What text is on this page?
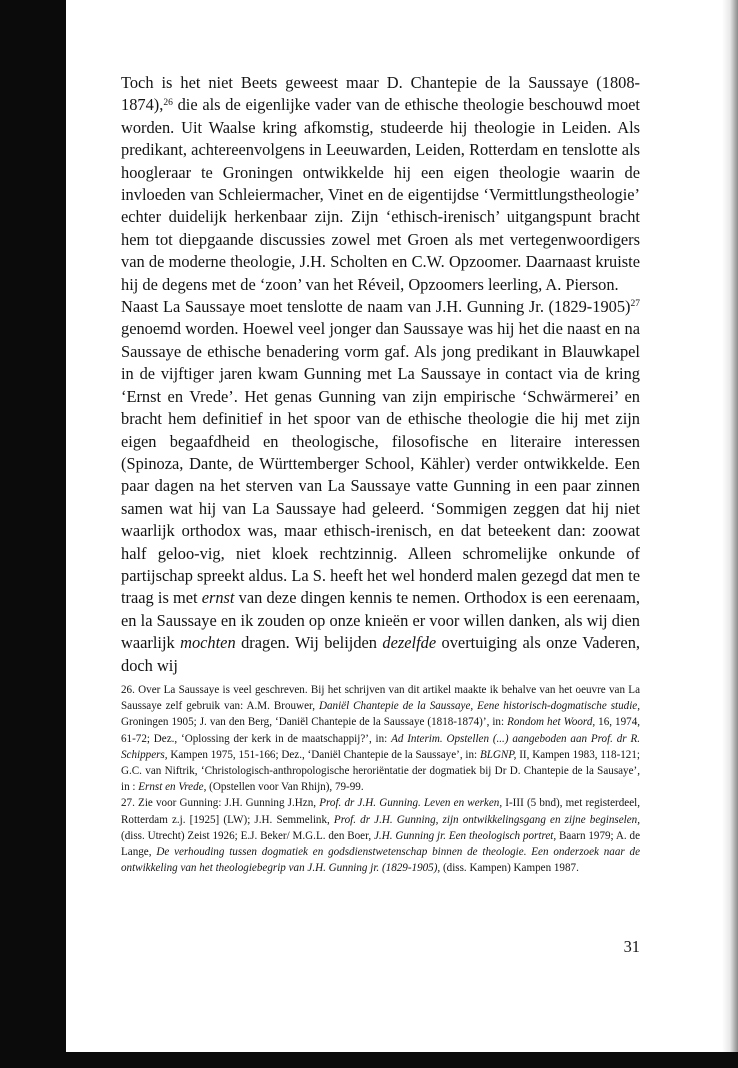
Toch is het niet Beets geweest maar D. Chantepie de la Saussaye (1808-1874),$^{26}$ die als de eigenlijke vader van de ethische theologie beschouwd moet worden. Uit Waalse kring afkomstig, studeerde hij theologie in Leiden. Als predikant, achtereenvolgens in Leeuwarden, Leiden, Rotterdam en tenslotte als hoogleraar te Groningen ontwikkelde hij een eigen theologie waarin de invloeden van Schleiermacher, Vinet en de eigentijdse ‘Vermittlungstheologie’ echter duidelijk herkenbaar zijn. Zijn ‘ethisch-irenisch’ uitgangspunt bracht hem tot diepgaande discussies zowel met Groen als met vertegenwoordigers van de moderne theologie, J.H. Scholten en C.W. Opzoomer. Daarnaast kruiste hij de degens met de ‘zoon’ van het Réveil, Opzoomers leerling, A. Pierson.

Naast La Saussaye moet tenslotte de naam van J.H. Gunning Jr. (1829-1905)$^{27}$ genoemd worden. Hoewel veel jonger dan Saussaye was hij het die naast en na Saussaye de ethische benadering vorm gaf. Als jong predikant in Blauwkapel in de vijftiger jaren kwam Gunning met La Saussaye in contact via de kring ‘Ernst en Vrede’. Het genas Gunning van zijn empirische ‘Schwärmerei’ en bracht hem definitief in het spoor van de ethische theologie die hij met zijn eigen begaafdheid en theologische, filosofische en literaire interessen (Spinoza, Dante, de Württemberger School, Kähler) verder ontwikkelde. Een paar dagen na het sterven van La Saussaye vatte Gunning in een paar zinnen samen wat hij van La Saussaye had geleerd. ‘Sommigen zeggen dat hij niet waarlijk orthodox was, maar ethisch-irenisch, en dat beteekent dan: zoowat half geloo-vig, niet kloek rechtzinnig. Alleen schromelijke onkunde of partijschap spreekt aldus. La S. heeft het wel honderd malen gezegd dat men te traag is met ernst van deze dingen kennis te nemen. Orthodox is een eerenaam, en la Saussaye en ik zouden op onze knieën er voor willen danken, als wij dien waarlijk mochten dragen. Wij belijden dezelfde overtuiging als onze Vaderen, doch wij

26. Over La Saussaye is veel geschreven. Bij het schrijven van dit artikel maakte ik behalve van het oeuvre van La Saussaye zelf gebruik van: A.M. Brouwer, Daniël Chantepie de la Saussaye, Eene historisch-dogmatische studie, Groningen 1905; J. van den Berg, ‘Daniël Chantepie de la Saussaye (1818-1874)’, in: Rondom het Woord, 16, 1974, 61-72; Dez., ‘Oplossing der kerk in de maatschappij?’, in: Ad Interim. Opstellen (...) aangeboden aan Prof. dr R. Schippers, Kampen 1975, 151-166; Dez., ‘Daniël Chantepie de la Saussaye’, in: BLGNP, II, Kampen 1983, 118-121; G.C. van Niftrik, ‘Christologisch-anthropologische heroriëntatie der dogmatiek bij Dr D. Chantepie de la Sausaye’, in : Ernst en Vrede, (Opstellen voor Van Rhijn), 79-99.

27. Zie voor Gunning: J.H. Gunning J.Hzn, Prof. dr J.H. Gunning. Leven en werken, I-III (5 bnd), met registerdeel, Rotterdam z.j. [1925] (LW); J.H. Semmelink, Prof. dr J.H. Gunning, zijn ontwikkelingsgang en zijne beginselen, (diss. Utrecht) Zeist 1926; E.J. Beker/ M.G.L. den Boer, J.H. Gunning jr. Een theologisch portret, Baarn 1979; A. de Lange, De verhouding tussen dogmatiek en godsdienstwetenschap binnen de theologie. Een onderzoek naar de ontwikkeling van het theologiebegrip van J.H. Gunning jr. (1829-1905), (diss. Kampen) Kampen 1987.

31
